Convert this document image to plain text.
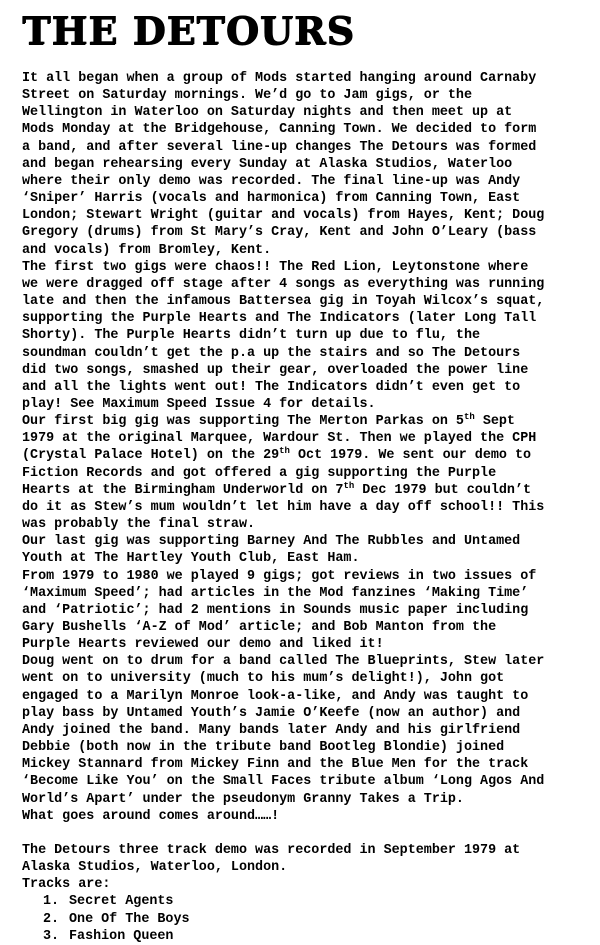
THE DETOURS

It all began when a group of Mods started hanging around Carnaby

Street on Saturday mornings. We’d go to Jam gigs, or the

Wellington in Waterloo on Saturday nights and then meet up at

Mods Monday at the Bridgehouse, Canning Town. We decided to form

a band, and after several line-up changes The Detours was formed

and began rehearsing every Sunday at Alaska Studios, Waterloo

where their only demo was recorded. The final line-up was Andy

‘Sniper’ Harris (vocals and harmonica) from Canning Town, East

London; Stewart Wright (guitar and vocals) from Hayes, Kent; Doug

Gregory (drums) from St Mary’s Cray, Kent and John O’Leary (bass

and vocals) from Bromley, Kent.

The first two gigs were chaos!! The Red Lion, Leytonstone where

we were dragged off stage after 4 songs as everything was running

late and then the infamous Battersea gig in Toyah Wilcox’s squat,

supporting the Purple Hearts and The Indicators (later Long Tall

Shorty). The Purple Hearts didn’t turn up due to flu, the

soundman couldn’t get the p.a up the stairs and so The Detours

did two songs, smashed up their gear, overloaded the power line

and all the lights went out! The Indicators didn’t even get to

play! See Maximum Speed Issue 4 for details.

Our first big gig was supporting The Merton Parkas on 5th Sept

1979 at the original Marquee, Wardour St. Then we played the CPH

(Crystal Palace Hotel) on the 29th Oct 1979. We sent our demo to

Fiction Records and got offered a gig supporting the Purple

Hearts at the Birmingham Underworld on 7th Dec 1979 but couldn’t

do it as Stew’s mum wouldn’t let him have a day off school!! This

was probably the final straw.

Our last gig was supporting Barney And The Rubbles and Untamed

Youth at The Hartley Youth Club, East Ham.

From 1979 to 1980 we played 9 gigs; got reviews in two issues of

‘Maximum Speed’; had articles in the Mod fanzines ‘Making Time’

and ‘Patriotic’; had 2 mentions in Sounds music paper including

Gary Bushells ‘A-Z of Mod’ article; and Bob Manton from the

Purple Hearts reviewed our demo and liked it!

Doug went on to drum for a band called The Blueprints, Stew later

went on to university (much to his mum’s delight!), John got

engaged to a Marilyn Monroe look-a-like, and Andy was taught to

play bass by Untamed Youth’s Jamie O’Keefe (now an author) and

Andy joined the band. Many bands later Andy and his girlfriend

Debbie (both now in the tribute band Bootleg Blondie) joined

Mickey Stannard from Mickey Finn and the Blue Men for the track

‘Become Like You’ on the Small Faces tribute album ‘Long Agos And

World’s Apart’ under the pseudonym Granny Takes a Trip.

What goes around comes around……!

The Detours three track demo was recorded in September 1979 at

Alaska Studios, Waterloo, London.

Tracks are:

1. Secret Agents
2. One Of The Boys
3. Fashion Queen
